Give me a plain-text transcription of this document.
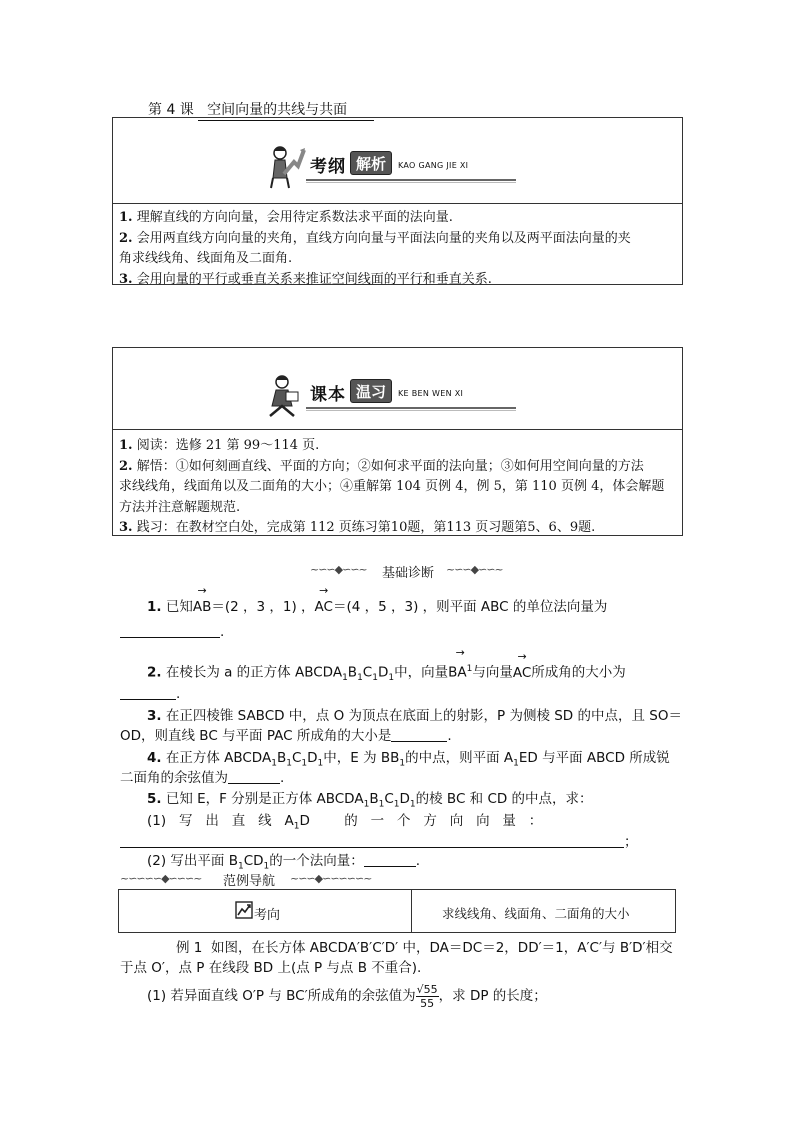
第 4 课 空间向量的共线与共面
考纲 解析	KAO GANG JIE XI
1. 理解直线的方向向量，会用待定系数法求平面的法向量.
2. 会用两直线方向向量的夹角，直线方向向量与平面法向量的夹角以及两平面法向量的夹
角求线线角、线面角及二面角.
3. 会用向量的平行或垂直关系来推证空间线面的平行和垂直关系.
课本 温习	KE BEN WEN XI
1. 阅读：选修 21 第 99～114 页.
2. 解悟：①如何刻画直线、平面的方向；②如何求平面的法向量；③如何用空间向量的方法
求线线角，线面角以及二面角的大小；④重解第 104 页例 4，例 5，第 110 页例 4，体会解题
方法并注意解题规范.
3. 践习：在教材空白处，完成第 112 页练习第10题，第113 页习题第5、6、9题.
~∽∽◆∽∽~ 基础诊断 ~∽∽◆∽∽~
1. 已知→ AB＝(2 ，3 ，1) ，→ AC＝(4 ，5 ，3) ，则平面 ABC 的单位法向量为
.
2. 在棱长为 a 的正方体 $ABCDA_1B_1C_1D_1$中，向量→ $BA^1$与向量→ AC所成角的大小为
.
3. 在正四棱锥 SABCD 中，点 O 为顶点在底面上的射影，P 为侧棱 SD 的中点，且 SO＝
OD，则直线 BC 与平面 PAC 所成角的大小是	.
4. 在正方体 $ABCDA_1B_1C_1D_1$中，E 为 $BB_1$的中点，则平面 $A_1ED$ 与平面 ABCD 所成锐
二面角的余弦值为	.
5. 已知 E，F 分别是正方体 $ABCDA_1B_1C_1D_1$的棱 BC 和 CD 的中点，求：
(1)   写   出   直   线   $A_1D$        的   一   个   方   向   向   量   ：
；
(2) 写出平面 $B_1CD_1$的一个法向量：	.
~∽∽∽∽◆∽∽∽~ 范例导航 ~∽∽◆∽∽∽∽∽~
考向	求线线角、线面角、二面角的大小
例 1 如图，在长方体 ABCDA′B′C′D′ 中，DA＝DC＝2，DD′＝1，A′C′与 B′D′相交
于点 O′，点 P 在线段 BD 上(点 P 与点 B 不重合).
(1) 若异面直线 O′P 与 BC′所成角的余弦值为 $\frac{√55}{55}$ ，求 DP 的长度；
